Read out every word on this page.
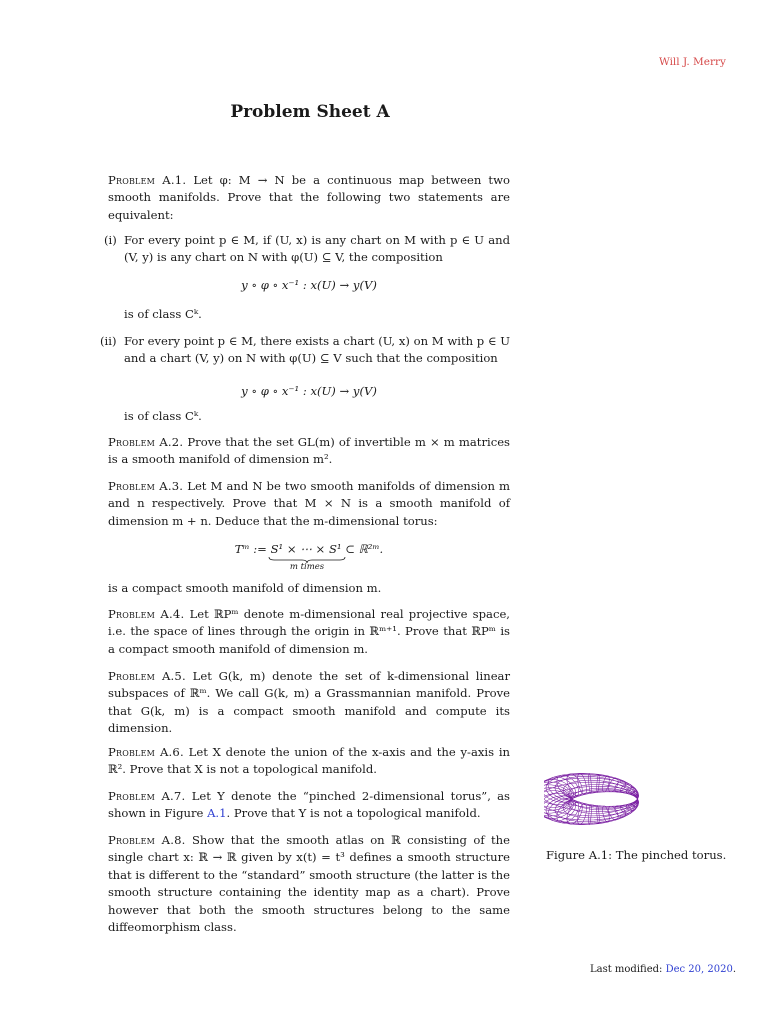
Will J. Merry
Problem Sheet A
Problem A.1. Let φ: M → N be a continuous map between two smooth manifolds. Prove that the following two statements are equivalent:
(i) For every point p ∈ M, if (U, x) is any chart on M with p ∈ U and (V, y) is any chart on N with φ(U) ⊆ V, the composition
y ∘ φ ∘ x⁻¹ : x(U) → y(V)
is of class Cᵏ.
(ii) For every point p ∈ M, there exists a chart (U, x) on M with p ∈ U and a chart (V, y) on N with φ(U) ⊆ V such that the composition
y ∘ φ ∘ x⁻¹ : x(U) → y(V)
is of class Cᵏ.
Problem A.2. Prove that the set GL(m) of invertible m × m matrices is a smooth manifold of dimension m².
Problem A.3. Let M and N be two smooth manifolds of dimension m and n respectively. Prove that M × N is a smooth manifold of dimension m + n. Deduce that the m-dimensional torus:
Tᵐ := S¹ × ⋯ × S¹ ⊂ ℝ²ᵐ.
m times
is a compact smooth manifold of dimension m.
Problem A.4. Let ℝPᵐ denote m-dimensional real projective space, i.e. the space of lines through the origin in ℝᵐ⁺¹. Prove that ℝPᵐ is a compact smooth manifold of dimension m.
Problem A.5. Let G(k, m) denote the set of k-dimensional linear subspaces of ℝᵐ. We call G(k, m) a Grassmannian manifold. Prove that G(k, m) is a compact smooth manifold and compute its dimension.
Problem A.6. Let X denote the union of the x-axis and the y-axis in ℝ². Prove that X is not a topological manifold.
Problem A.7. Let Y denote the “pinched 2-dimensional torus”, as shown in Figure A.1. Prove that Y is not a topological manifold.
Problem A.8. Show that the smooth atlas on ℝ consisting of the single chart x: ℝ → ℝ given by x(t) = t³ defines a smooth structure that is different to the “standard” smooth structure (the latter is the smooth structure containing the identity map as a chart). Prove however that both the smooth structures belong to the same diffeomorphism class.
Figure A.1: The pinched torus.
Last modified: Dec 20, 2020.
